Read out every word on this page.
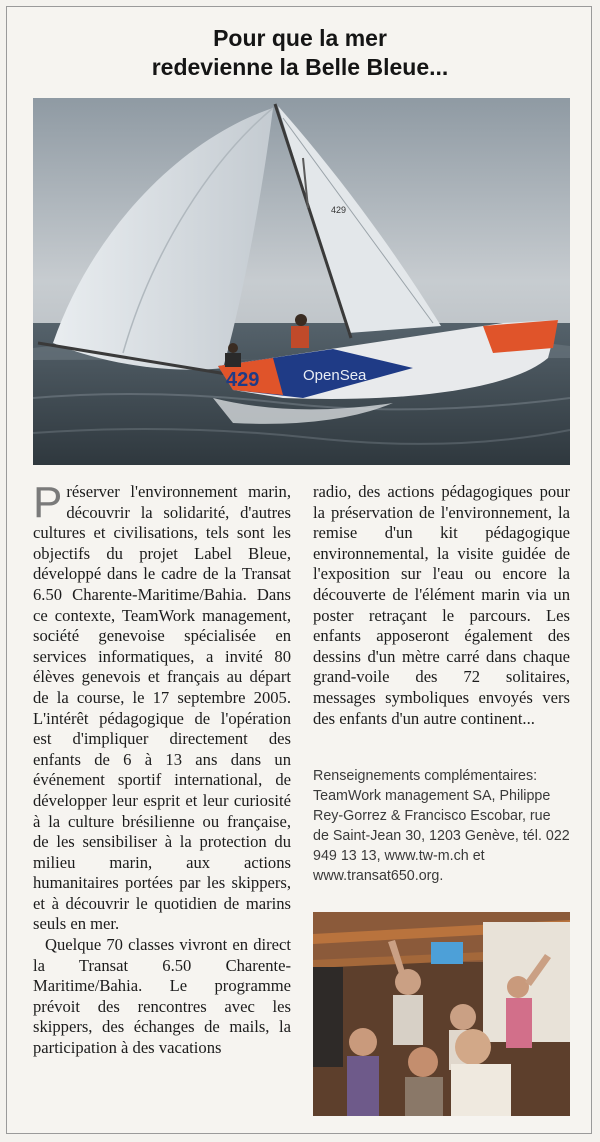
Pour que la mer
redevienne la Belle Bleue...
429
429	OpenSea

Préserver l'environnement marin, découvrir la solidarité, d'autres cultures et civilisations, tels sont les objectifs du projet Label Bleue, développé dans le cadre de la Transat 6.50 Charente-Maritime/Bahia. Dans ce contexte, TeamWork management, société genevoise spécialisée en services informatiques, a invité 80 élèves genevois et français au départ de la course, le 17 septembre 2005. L'intérêt pédagogique de l'opération est d'impliquer directement des enfants de 6 à 13 ans dans un événement sportif international, de développer leur esprit et leur curiosité à la culture brésilienne ou française, de les sensibiliser à la protection du milieu marin, aux actions humanitaires portées par les skippers, et à découvrir le quotidien de marins seuls en mer.

Quelque 70 classes vivront en direct la Transat 6.50 Charente-Maritime/Bahia. Le programme prévoit des rencontres avec les skippers, des échanges de mails, la participation à des vacations

radio, des actions pédagogiques pour la préservation de l'environnement, la remise d'un kit pédagogique environnemental, la visite guidée de l'exposition sur l'eau ou encore la découverte de l'élément marin via un poster retraçant le parcours. Les enfants apposeront également des dessins d'un mètre carré dans chaque grand-voile des 72 solitaires, messages symboliques envoyés vers des enfants d'un autre continent...

Renseignements complémentaires: TeamWork management SA, Philippe Rey-Gorrez & Francisco Escobar, rue de Saint-Jean 30, 1203 Genève, tél. 022 949 13 13, www.tw-m.ch et www.transat650.org.
